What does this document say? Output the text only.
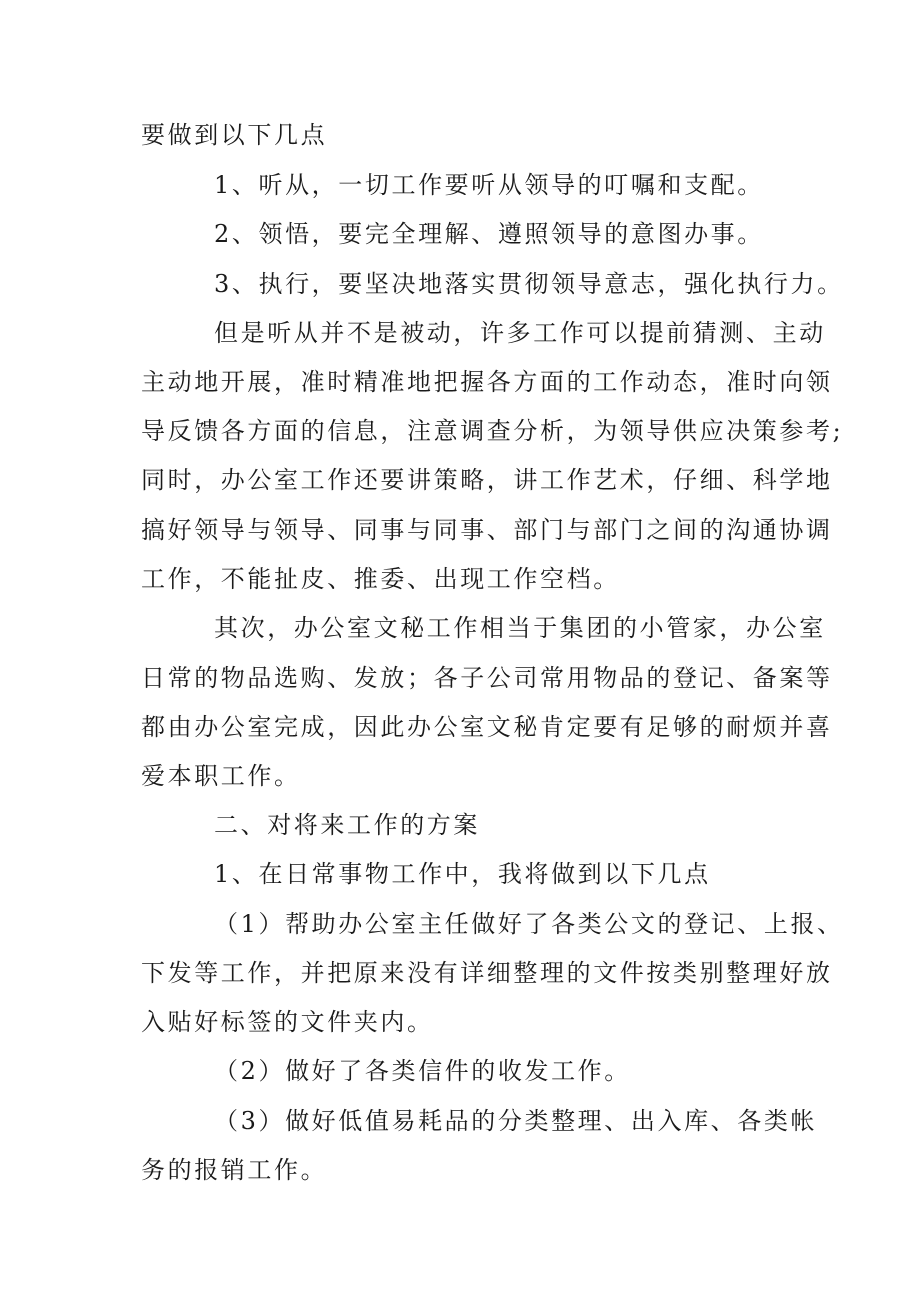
要做到以下几点
1、听从，一切工作要听从领导的叮嘱和支配。
2、领悟，要完全理解、遵照领导的意图办事。
3、执行，要坚决地落实贯彻领导意志，强化执行力。
但是听从并不是被动，许多工作可以提前猜测、主动
主动地开展，准时精准地把握各方面的工作动态，准时向领
导反馈各方面的信息，注意调查分析，为领导供应决策参考;
同时，办公室工作还要讲策略，讲工作艺术，仔细、科学地
搞好领导与领导、同事与同事、部门与部门之间的沟通协调
工作，不能扯皮、推委、出现工作空档。
其次，办公室文秘工作相当于集团的小管家，办公室
日常的物品选购、发放；各子公司常用物品的登记、备案等
都由办公室完成，因此办公室文秘肯定要有足够的耐烦并喜
爱本职工作。
二、对将来工作的方案
1、在日常事物工作中，我将做到以下几点
（1）帮助办公室主任做好了各类公文的登记、上报、
下发等工作，并把原来没有详细整理的文件按类别整理好放
入贴好标签的文件夹内。
（2）做好了各类信件的收发工作。
（3）做好低值易耗品的分类整理、出入库、各类帐
务的报销工作。
